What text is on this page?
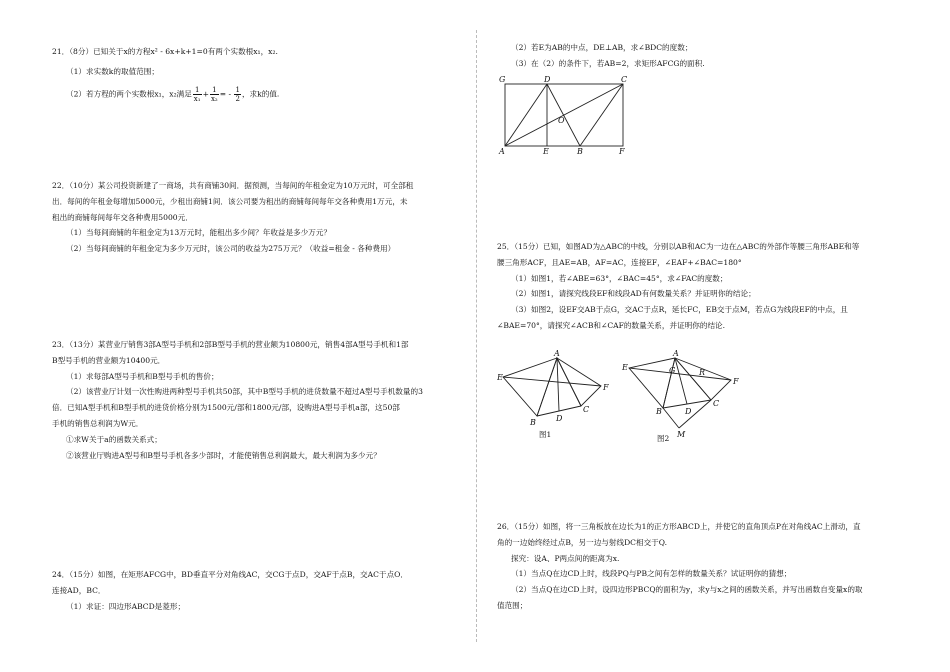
21．（8分）已知关于x的方程x² - 6x+k+1=0有两个实数根x₁，x₂.

（1）求实数k的取值范围；

（2）若方程的两个实数根x₁，x₂满足 $\frac{1}{\text{x₁}} + \frac{1}{\text{x₂}}$ = - $\frac{1}{2}$ ，求k的值.

22．（10分）某公司投资新建了一商场，共有商铺30间．据预测，当每间的年租金定为10万元时，可全部租

出．每间的年租金每增加5000元，少租出商铺1间．该公司要为租出的商铺每间每年交各种费用1万元，未

租出的商铺每间每年交各种费用5000元．

（1）当每间商铺的年租金定为13万元时，能租出多少间？年收益是多少万元？

（2）当每间商铺的年租金定为多少万元时，该公司的收益为275万元？（收益=租金 - 各种费用）

23．（13分）某营业厅销售3部A型号手机和2部B型号手机的营业额为10800元，销售4部A型号手机和1部

B型号手机的营业额为10400元．

（1）求每部A型号手机和B型号手机的售价；

（2）该营业厅计划一次性购进两种型号手机共50部，其中B型号手机的进货数量不超过A型号手机数量的3

倍．已知A型手机和B型手机的进货价格分别为1500元/部和1800元/部，设购进A型号手机a部，这50部

手机的销售总利润为W元．

①求W关于a的函数关系式；

②该营业厅购进A型号和B型号手机各多少部时，才能使销售总利润最大，最大利润为多少元？

24．（15分）如图，在矩形AFCG中，BD垂直平分对角线AC，交CG于点D，交AF于点B，交AC于点O．

连接AD，BC．

（1）求证：四边形ABCD是菱形；

（2）若E为AB的中点，DE⊥AB，求∠BDC的度数；

（3）在（2）的条件下，若AB=2，求矩形AFCG的面积.

G	D	C
O
A	E	B	F

25．（15分）已知，如图AD为△ABC的中线，分别以AB和AC为一边在△ABC的外部作等腰三角形ABE和等

腰三角形ACF，且AE=AB，AF=AC，连接EF，∠EAF+∠BAC=180°

（1）如图1，若∠ABE=63°，∠BAC=45°，求∠FAC的度数；

（2）如图1，请探究线段EF和线段AD有何数量关系？并证明你的结论；

（3）如图2，设EF交AB于点G，交AC于点R，延长FC，EB交于点M，若点G为线段EF的中点，且

∠BAE=70°，请探究∠ACB和∠CAF的数量关系，并证明你的结论.

A
E
F
D
C
B
图1
A
E	G	R
F
B	D
C
M
图2

26．（15分）如图，将一三角板放在边长为1的正方形ABCD上，并使它的直角顶点P在对角线AC上滑动，直

角的一边始终经过点B，另一边与射线DC相交于Q.

探究：设A、P两点间的距离为x.

（1）当点Q在边CD上时，线段PQ与PB之间有怎样的数量关系？试证明你的猜想；

（2）当点Q在边CD上时，设四边形PBCQ的面积为y，求y与x之间的函数关系，并写出函数自变量x的取

值范围；
